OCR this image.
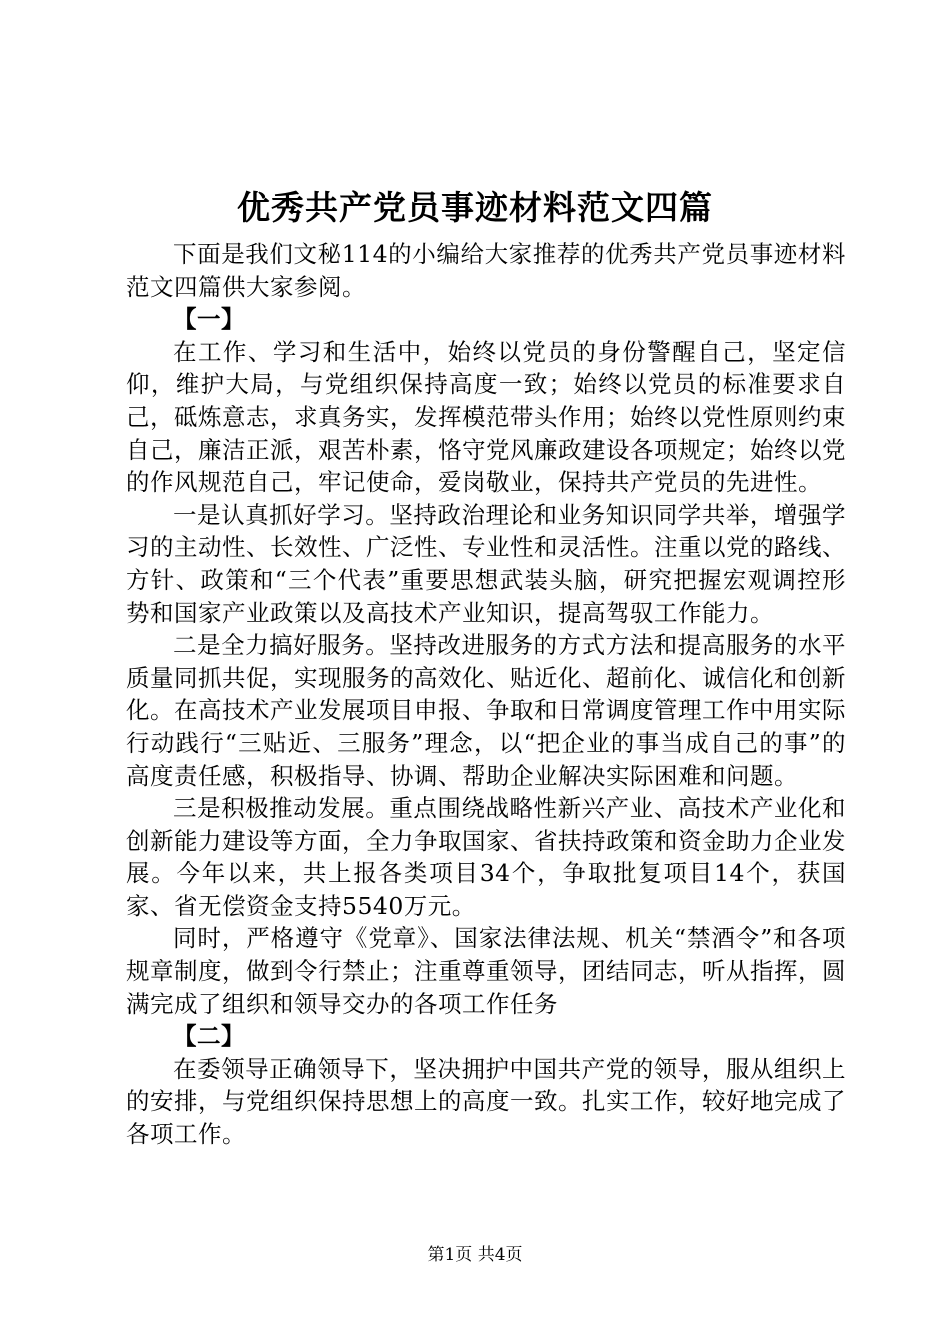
优秀共产党员事迹材料范文四篇

下面是我们文秘114的小编给大家推荐的优秀共产党员事迹材料范文四篇供大家参阅。

【一】

在工作、学习和生活中，始终以党员的身份警醒自己，坚定信仰，维护大局，与党组织保持高度一致；始终以党员的标准要求自己，砥炼意志，求真务实，发挥模范带头作用；始终以党性原则约束自己，廉洁正派，艰苦朴素，恪守党风廉政建设各项规定；始终以党的作风规范自己，牢记使命，爱岗敬业，保持共产党员的先进性。

一是认真抓好学习。坚持政治理论和业务知识同学共举，增强学习的主动性、长效性、广泛性、专业性和灵活性。注重以党的路线、方针、政策和“三个代表”重要思想武装头脑，研究把握宏观调控形势和国家产业政策以及高技术产业知识，提高驾驭工作能力。

二是全力搞好服务。坚持改进服务的方式方法和提高服务的水平质量同抓共促，实现服务的高效化、贴近化、超前化、诚信化和创新化。在高技术产业发展项目申报、争取和日常调度管理工作中用实际行动践行“三贴近、三服务”理念，以“把企业的事当成自己的事”的高度责任感，积极指导、协调、帮助企业解决实际困难和问题。

三是积极推动发展。重点围绕战略性新兴产业、高技术产业化和创新能力建设等方面，全力争取国家、省扶持政策和资金助力企业发展。今年以来，共上报各类项目34个，争取批复项目14个，获国家、省无偿资金支持5540万元。

同时，严格遵守《党章》、国家法律法规、机关“禁酒令”和各项规章制度，做到令行禁止；注重尊重领导，团结同志，听从指挥，圆满完成了组织和领导交办的各项工作任务

【二】

在委领导正确领导下，坚决拥护中国共产党的领导，服从组织上的安排，与党组织保持思想上的高度一致。扎实工作，较好地完成了各项工作。

第1页 共4页
